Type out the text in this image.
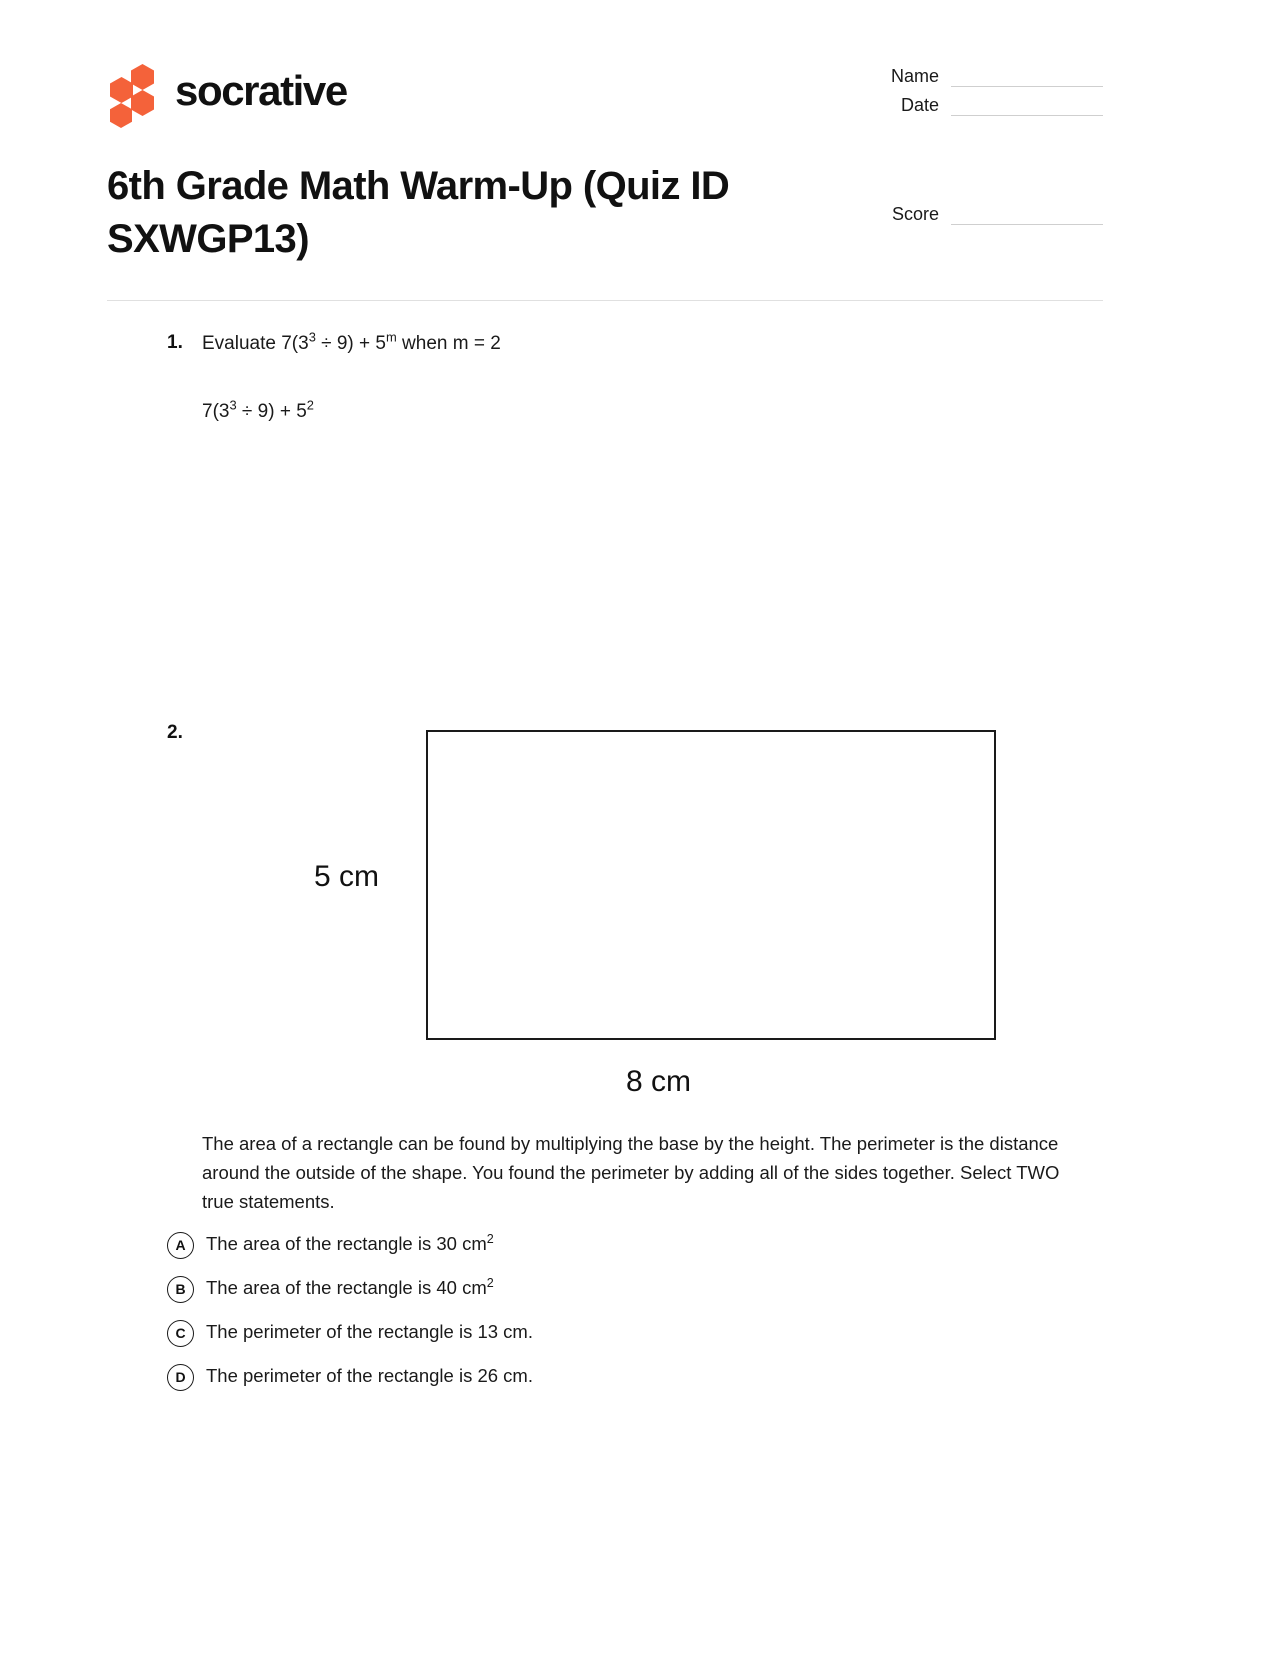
socrative	Name
Date
Score
6th Grade Math Warm-Up (Quiz ID SXWGP13)
1. Evaluate $7(3^3 \div 9) + 5^m$ when m = 2
$7(3^3 \div 9) + 5^2$
2.
5 cm
8 cm
The area of a rectangle can be found by multiplying the base by the height. The perimeter is the distance around the outside of the shape. You found the perimeter by adding all of the sides together. Select TWO true statements.
A	The area of the rectangle is 30 $cm^2$
B	The area of the rectangle is 40 $cm^2$
C	The perimeter of the rectangle is 13 cm.
D	The perimeter of the rectangle is 26 cm.
